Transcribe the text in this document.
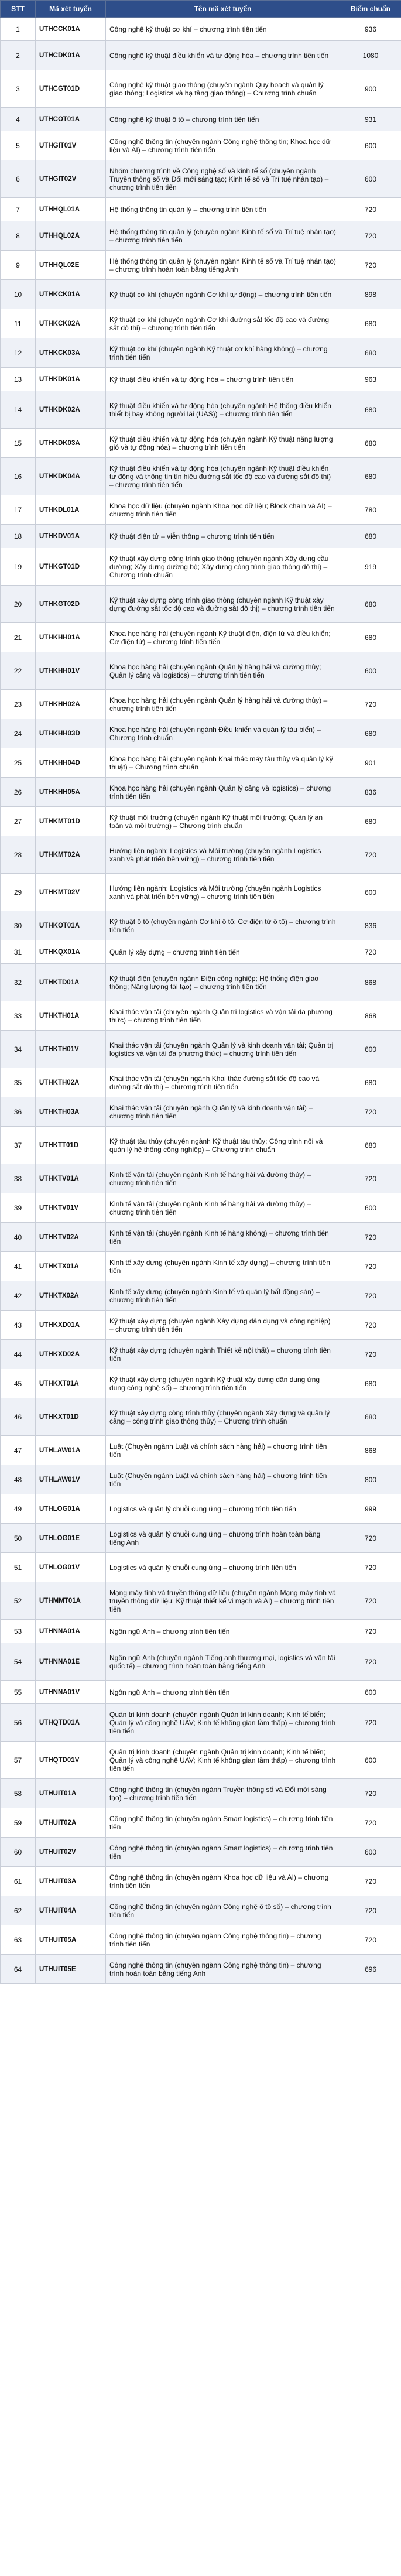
STT	Mã xét tuyển	Tên mã xét tuyển	Điểm chuẩn
1	UTHCCK01A	Công nghệ kỹ thuật cơ khí – chương trình tiên tiến	936
2	UTHCDK01A	Công nghệ kỹ thuật điều khiển và tự động hóa – chương trình tiên tiến	1080
3	UTHCGT01D	Công nghệ kỹ thuật giao thông (chuyên ngành Quy hoạch và quản lý giao thông; Logistics và hạ tầng giao thông) – Chương trình chuẩn	900
4	UTHCOT01A	Công nghệ kỹ thuật ô tô – chương trình tiên tiến	931
5	UTHGIT01V	Công nghệ thông tin (chuyên ngành Công nghệ thông tin; Khoa học dữ liệu và AI) – chương trình tiên tiến	600
6	UTHGIT02V	Nhóm chương trình về Công nghệ số và kinh tế số (chuyên ngành Truyền thông số và Đổi mới sáng tạo; Kinh tế số và Trí tuệ nhân tạo) – chương trình tiên tiến	600
7	UTHHQL01A	Hệ thống thông tin quản lý – chương trình tiên tiến	720
8	UTHHQL02A	Hệ thống thông tin quản lý (chuyên ngành Kinh tế số và Trí tuệ nhân tạo) – chương trình tiên tiến	720
9	UTHHQL02E	Hệ thống thông tin quản lý (chuyên ngành Kinh tế số và Trí tuệ nhân tạo) – chương trình hoàn toàn bằng tiếng Anh	720
10	UTHKCK01A	Kỹ thuật cơ khí (chuyên ngành Cơ khí tự động) – chương trình tiên tiến	898
11	UTHKCK02A	Kỹ thuật cơ khí (chuyên ngành Cơ khí đường sắt tốc độ cao và đường sắt đô thị) – chương trình tiên tiến	680
12	UTHKCK03A	Kỹ thuật cơ khí (chuyên ngành Kỹ thuật cơ khí hàng không) – chương trình tiên tiến	680
13	UTHKDK01A	Kỹ thuật điều khiển và tự động hóa – chương trình tiên tiến	963
14	UTHKDK02A	Kỹ thuật điều khiển và tự động hóa (chuyên ngành Hệ thống điều khiển thiết bị bay không người lái (UAS)) – chương trình tiên tiến	680
15	UTHKDK03A	Kỹ thuật điều khiển và tự động hóa (chuyên ngành Kỹ thuật năng lượng gió và tự động hóa) – chương trình tiên tiến	680
16	UTHKDK04A	Kỹ thuật điều khiển và tự động hóa (chuyên ngành Kỹ thuật điều khiển tự động và thông tin tín hiệu đường sắt tốc độ cao và đường sắt đô thị) – chương trình tiên tiến	680
17	UTHKDL01A	Khoa học dữ liệu (chuyên ngành Khoa học dữ liệu; Block chain và AI) – chương trình tiên tiến	780
18	UTHKDV01A	Kỹ thuật điện tử – viễn thông – chương trình tiên tiến	680
19	UTHKGT01D	Kỹ thuật xây dựng công trình giao thông (chuyên ngành Xây dựng cầu đường; Xây dựng đường bộ; Xây dựng công trình giao thông đô thị) – Chương trình chuẩn	919
20	UTHKGT02D	Kỹ thuật xây dựng công trình giao thông (chuyên ngành Kỹ thuật xây dựng đường sắt tốc độ cao và đường sắt đô thị) – chương trình tiên tiến	680
21	UTHKHH01A	Khoa học hàng hải (chuyên ngành Kỹ thuật điện, điện tử và điều khiển; Cơ điện tử) – chương trình tiên tiến	680
22	UTHKHH01V	Khoa học hàng hải (chuyên ngành Quản lý hàng hải và đường thủy; Quản lý cảng và logistics) – chương trình tiên tiến	600
23	UTHKHH02A	Khoa học hàng hải (chuyên ngành Quản lý hàng hải và đường thủy) – chương trình tiên tiến	720
24	UTHKHH03D	Khoa học hàng hải (chuyên ngành Điều khiển và quản lý tàu biển) – Chương trình chuẩn	680
25	UTHKHH04D	Khoa học hàng hải (chuyên ngành Khai thác máy tàu thủy và quản lý kỹ thuật) – Chương trình chuẩn	901
26	UTHKHH05A	Khoa học hàng hải (chuyên ngành Quản lý cảng và logistics) – chương trình tiên tiến	836
27	UTHKMT01D	Kỹ thuật môi trường (chuyên ngành Kỹ thuật môi trường; Quản lý an toàn và môi trường) – Chương trình chuẩn	680
28	UTHKMT02A	Hướng liên ngành: Logistics và Môi trường (chuyên ngành Logistics xanh và phát triển bền vững) – chương trình tiên tiến	720
29	UTHKMT02V	Hướng liên ngành: Logistics và Môi trường (chuyên ngành Logistics xanh và phát triển bền vững) – chương trình tiên tiến	600
30	UTHKOT01A	Kỹ thuật ô tô (chuyên ngành Cơ khí ô tô; Cơ điện tử ô tô) – chương trình tiên tiến	836
31	UTHKQX01A	Quản lý xây dựng – chương trình tiên tiến	720
32	UTHKTD01A	Kỹ thuật điện (chuyên ngành Điện công nghiệp; Hệ thống điện giao thông; Năng lượng tái tạo) – chương trình tiên tiến	868
33	UTHKTH01A	Khai thác vận tải (chuyên ngành Quản trị logistics và vận tải đa phương thức) – chương trình tiên tiến	868
34	UTHKTH01V	Khai thác vận tải (chuyên ngành Quản lý và kinh doanh vận tải; Quản trị logistics và vận tải đa phương thức) – chương trình tiên tiến	600
35	UTHKTH02A	Khai thác vận tải (chuyên ngành Khai thác đường sắt tốc độ cao và đường sắt đô thị) – chương trình tiên tiến	680
36	UTHKTH03A	Khai thác vận tải (chuyên ngành Quản lý và kinh doanh vận tải) – chương trình tiên tiến	720
37	UTHKTT01D	Kỹ thuật tàu thủy (chuyên ngành Kỹ thuật tàu thủy; Công trình nổi và quản lý hệ thống công nghiệp) – Chương trình chuẩn	680
38	UTHKTV01A	Kinh tế vận tải (chuyên ngành Kinh tế hàng hải và đường thủy) – chương trình tiên tiến	720
39	UTHKTV01V	Kinh tế vận tải (chuyên ngành Kinh tế hàng hải và đường thủy) – chương trình tiên tiến	600
40	UTHKTV02A	Kinh tế vận tải (chuyên ngành Kinh tế hàng không) – chương trình tiên tiến	720
41	UTHKTX01A	Kinh tế xây dựng (chuyên ngành Kinh tế xây dựng) – chương trình tiên tiến	720
42	UTHKTX02A	Kinh tế xây dựng (chuyên ngành Kinh tế và quản lý bất động sản) – chương trình tiên tiến	720
43	UTHKXD01A	Kỹ thuật xây dựng (chuyên ngành Xây dựng dân dụng và công nghiệp) – chương trình tiên tiến	720
44	UTHKXD02A	Kỹ thuật xây dựng (chuyên ngành Thiết kế nội thất) – chương trình tiên tiến	720
45	UTHKXT01A	Kỹ thuật xây dựng (chuyên ngành Kỹ thuật xây dựng dân dụng ứng dụng công nghệ số) – chương trình tiên tiến	680
46	UTHKXT01D	Kỹ thuật xây dựng công trình thủy (chuyên ngành Xây dựng và quản lý cảng – công trình giao thông thủy) – Chương trình chuẩn	680
47	UTHLAW01A	Luật (Chuyên ngành Luật và chính sách hàng hải) – chương trình tiên tiến	868
48	UTHLAW01V	Luật (Chuyên ngành Luật và chính sách hàng hải) – chương trình tiên tiến	800
49	UTHLOG01A	Logistics và quản lý chuỗi cung ứng – chương trình tiên tiến	999
50	UTHLOG01E	Logistics và quản lý chuỗi cung ứng – chương trình hoàn toàn bằng tiếng Anh	720
51	UTHLOG01V	Logistics và quản lý chuỗi cung ứng – chương trình tiên tiến	720
52	UTHMMT01A	Mạng máy tính và truyền thông dữ liệu (chuyên ngành Mạng máy tính và truyền thông dữ liệu; Kỹ thuật thiết kế vi mạch và AI) – chương trình tiên tiến	720
53	UTHNNA01A	Ngôn ngữ Anh – chương trình tiên tiến	720
54	UTHNNA01E	Ngôn ngữ Anh (chuyên ngành Tiếng anh thương mại, logistics và vận tải quốc tế) – chương trình hoàn toàn bằng tiếng Anh	720
55	UTHNNA01V	Ngôn ngữ Anh – chương trình tiên tiến	600
56	UTHQTD01A	Quản trị kinh doanh (chuyên ngành Quản trị kinh doanh; Kinh tế biển; Quản lý và công nghệ UAV; Kinh tế không gian tầm thấp) – chương trình tiên tiến	720
57	UTHQTD01V	Quản trị kinh doanh (chuyên ngành Quản trị kinh doanh; Kinh tế biển; Quản lý và công nghệ UAV; Kinh tế không gian tầm thấp) – chương trình tiên tiến	600
58	UTHUIT01A	Công nghệ thông tin (chuyên ngành Truyền thông số và Đổi mới sáng tạo) – chương trình tiên tiến	720
59	UTHUIT02A	Công nghệ thông tin (chuyên ngành Smart logistics) – chương trình tiên tiến	720
60	UTHUIT02V	Công nghệ thông tin (chuyên ngành Smart logistics) – chương trình tiên tiến	600
61	UTHUIT03A	Công nghệ thông tin (chuyên ngành Khoa học dữ liệu và AI) – chương trình tiên tiến	720
62	UTHUIT04A	Công nghệ thông tin (chuyên ngành Công nghệ ô tô số) – chương trình tiên tiến	720
63	UTHUIT05A	Công nghệ thông tin (chuyên ngành Công nghệ thông tin) – chương trình tiên tiến	720
64	UTHUIT05E	Công nghệ thông tin (chuyên ngành Công nghệ thông tin) – chương trình hoàn toàn bằng tiếng Anh	696
